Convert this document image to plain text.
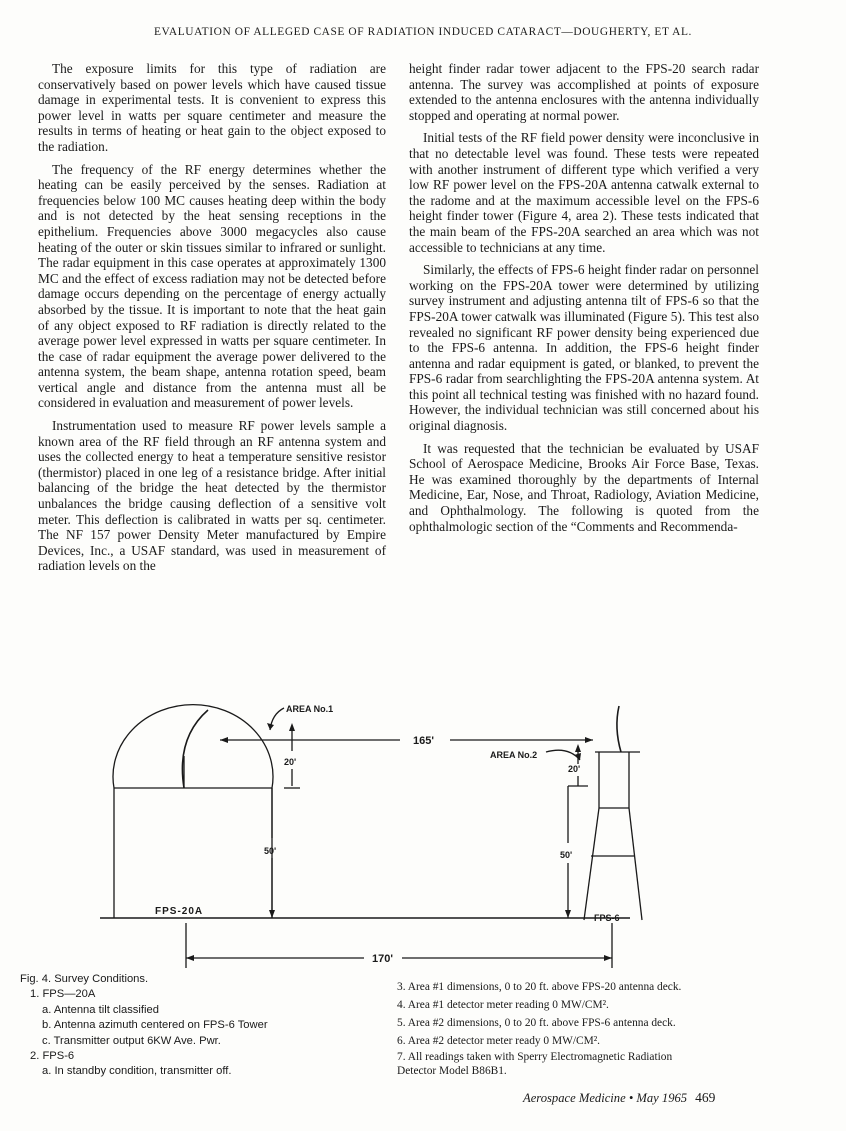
EVALUATION OF ALLEGED CASE OF RADIATION INDUCED CATARACT—DOUGHERTY, ET AL.

The exposure limits for this type of radiation are conservatively based on power levels which have caused tissue damage in experimental tests. It is convenient to express this power level in watts per square centimeter and measure the results in terms of heating or heat gain to the object exposed to the radiation.

The frequency of the RF energy determines whether the heating can be easily perceived by the senses. Radiation at frequencies below 100 MC causes heating deep within the body and is not detected by the heat sensing receptions in the epithelium. Frequencies above 3000 megacycles also cause heating of the outer or skin tissues similar to infrared or sunlight. The radar equipment in this case operates at approximately 1300 MC and the effect of excess radiation may not be detected before damage occurs depending on the percentage of energy actually absorbed by the tissue. It is important to note that the heat gain of any object exposed to RF radiation is directly related to the average power level expressed in watts per square centimeter. In the case of radar equipment the average power delivered to the antenna system, the beam shape, antenna rotation speed, beam vertical angle and distance from the antenna must all be considered in evaluation and measurement of power levels.

Instrumentation used to measure RF power levels sample a known area of the RF field through an RF antenna system and uses the collected energy to heat a temperature sensitive resistor (thermistor) placed in one leg of a resistance bridge. After initial balancing of the bridge the heat detected by the thermistor unbalances the bridge causing deflection of a sensitive volt meter. This deflection is calibrated in watts per sq. centimeter. The NF 157 power Density Meter manufactured by Empire Devices, Inc., a USAF standard, was used in measurement of radiation levels on the

height finder radar tower adjacent to the FPS-20 search radar antenna. The survey was accomplished at points of exposure extended to the antenna enclosures with the antenna individually stopped and operating at normal power.

Initial tests of the RF field power density were inconclusive in that no detectable level was found. These tests were repeated with another instrument of different type which verified a very low RF power level on the FPS-20A antenna catwalk external to the radome and at the maximum accessible level on the FPS-6 height finder tower (Figure 4, area 2). These tests indicated that the main beam of the FPS-20A searched an area which was not accessible to technicians at any time.

Similarly, the effects of FPS-6 height finder radar on personnel working on the FPS-20A tower were determined by utilizing survey instrument and adjusting antenna tilt of FPS-6 so that the FPS-20A tower catwalk was illuminated (Figure 5). This test also revealed no significant RF power density being experienced due to the FPS-6 antenna. In addition, the FPS-6 height finder antenna and radar equipment is gated, or blanked, to prevent the FPS-6 radar from searchlighting the FPS-20A antenna system. At this point all technical testing was finished with no hazard found. However, the individual technician was still concerned about his original diagnosis.

It was requested that the technician be evaluated by USAF School of Aerospace Medicine, Brooks Air Force Base, Texas. He was examined thoroughly by the departments of Internal Medicine, Ear, Nose, and Throat, Radiology, Aviation Medicine, and Ophthalmology. The following is quoted from the ophthalmologic section of the “Comments and Recommenda-

AREA No.1
165'
20'
50'
AREA No.2
20'
50'
FPS-20A
FPS-6
170'
Fig. 4. Survey Conditions.
1. FPS—20A
a. Antenna tilt classified
b. Antenna azimuth centered on FPS-6 Tower
c. Transmitter output 6KW Ave. Pwr.
2. FPS-6
a. In standby condition, transmitter off.
3. Area #1 dimensions, 0 to 20 ft. above FPS-20 antenna deck.
4. Area #1 detector meter reading 0 MW/CM².
5. Area #2 dimensions, 0 to 20 ft. above FPS-6 antenna deck.
6. Area #2 detector meter ready 0 MW/CM².
7. All readings taken with Sperry Electromagnetic Radiation
Detector Model B86B1.
Aerospace Medicine • May 1965 469
